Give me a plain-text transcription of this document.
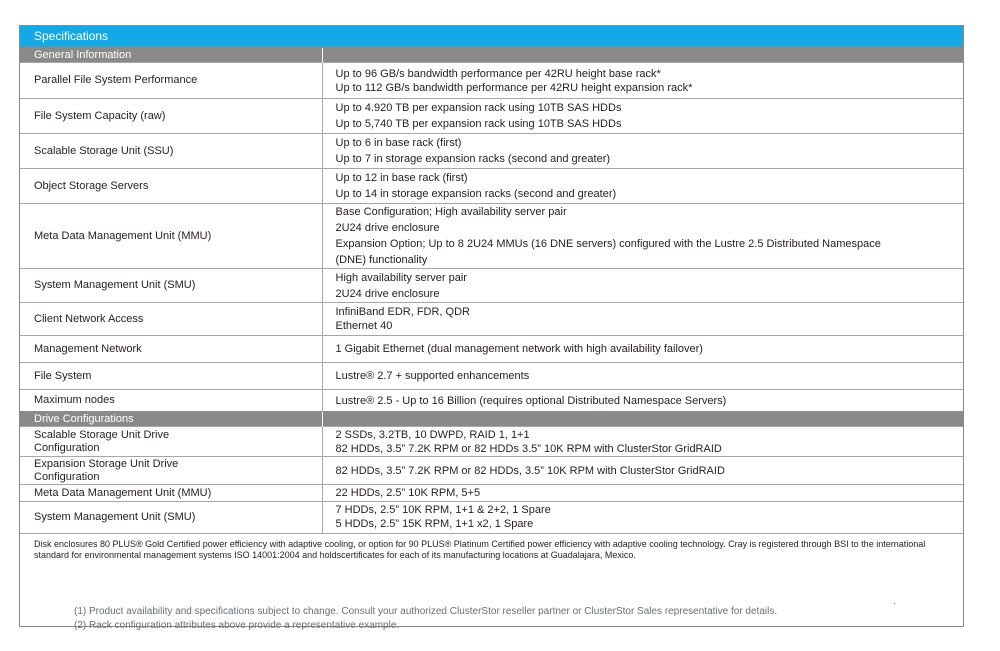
Specifications
General Information	
Parallel File System Performance	Up to 96 GB/s bandwidth performance per 42RU height base rack*
Up to 112 GB/s bandwidth performance per 42RU height expansion rack*

File System Capacity (raw)	Up to 4.920 TB per expansion rack using 10TB SAS HDDs
Up to 5,740 TB per expansion rack using 10TB SAS HDDs

Scalable Storage Unit (SSU)	Up to 6 in base rack (first)
Up to 7 in storage expansion racks (second and greater)

Object Storage Servers	Up to 12 in base rack (first)
Up to 14 in storage expansion racks (second and greater)

Meta Data Management Unit (MMU)	Base Configuration; High availability server pair
2U24 drive enclosure
Expansion Option; Up to 8 2U24 MMUs (16 DNE servers) configured with the Lustre 2.5 Distributed Namespace
(DNE) functionality

System Management Unit (SMU)	High availability server pair
2U24 drive enclosure

Client Network Access	InfiniBand EDR, FDR, QDR
Ethernet 40

Management Network	1 Gigabit Ethernet (dual management network with high availability failover)

File System	Lustre® 2.7 + supported enhancements

Maximum nodes	Lustre® 2.5 - Up to 16 Billion (requires optional Distributed Namespace Servers)

Drive Configurations	
Scalable Storage Unit Drive Configuration	2 SSDs, 3.2TB, 10 DWPD, RAID 1, 1+1
82 HDDs, 3.5” 7.2K RPM or 82 HDDs 3.5” 10K RPM with ClusterStor GridRAID

Expansion Storage Unit Drive Configuration	82 HDDs, 3.5” 7.2K RPM or 82 HDDs, 3.5” 10K RPM with ClusterStor GridRAID

Meta Data Management Unit (MMU)	22 HDDs, 2.5” 10K RPM, 5+5

System Management Unit (SMU)	7 HDDs, 2.5” 10K RPM, 1+1 & 2+2, 1 Spare
5 HDDs, 2.5” 15K RPM, 1+1 x2, 1 Spare
Disk enclosures 80 PLUS® Gold Certified power efficiency with adaptive cooling, or option for 90 PLUS® Platinum Certified power efficiency with adaptive cooling technology. Cray is registered through BSI to the international standard for environmental management systems ISO 14001:2004 and holdscertificates for each of its manufacturing locations at Guadalajara, Mexico.
(1) Product availability and specifications subject to change. Consult your authorized ClusterStor reseller partner or ClusterStor Sales representative for details.
(2) Rack configuration attributes above provide a representative example.
.
